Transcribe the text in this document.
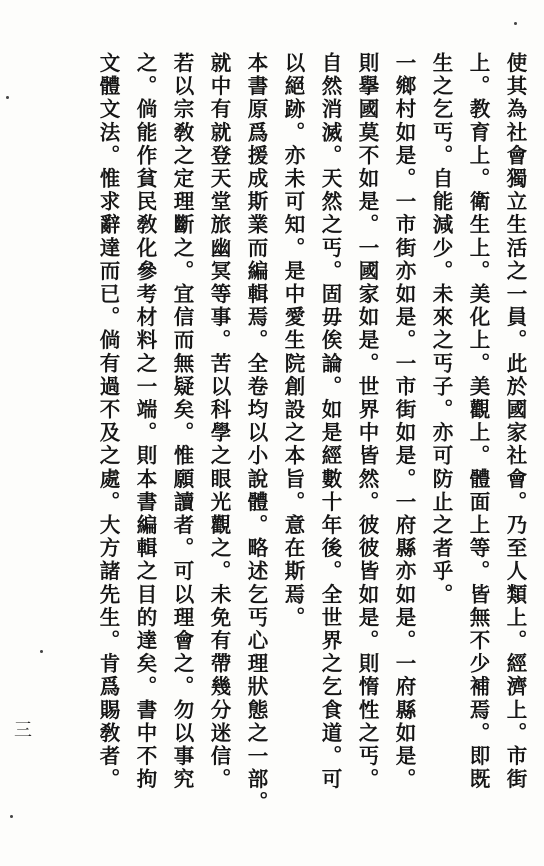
使其為社會獨立生活之一員。此於國家社會。乃至人類上。經濟上。市街
上。教育上。衛生上。美化上。美觀上。體面上等。皆無不少補焉。即既
生之乞丐。自能減少。未來之丐子。亦可防止之者乎。
一鄉村如是。一市街亦如是。一市街如是。一府縣亦如是。一府縣如是。
則擧國莫不如是。一國家如是。世界中皆然。彼彼皆如是。則惰性之丐。
自然消滅。天然之丐。固毋俟論。如是經數十年後。全世界之乞食道。可
以絕跡。亦未可知。是中愛生院創設之本旨。意在斯焉。
本書原爲援成斯業而編輯焉。全卷均以小說體。略述乞丐心理狀態之一部。
就中有就登天堂旅幽冥等事。苦以科學之眼光觀之。未免有帶幾分迷信。
若以宗敎之定理斷之。宜信而無疑矣。惟願讀者。可以理會之。勿以事究
之。倘能作貧民敎化參考材料之一端。則本書編輯之目的達矣。書中不拘
文體文法。惟求辭達而已。倘有過不及之處。大方諸先生。肯爲賜敎者。
三
